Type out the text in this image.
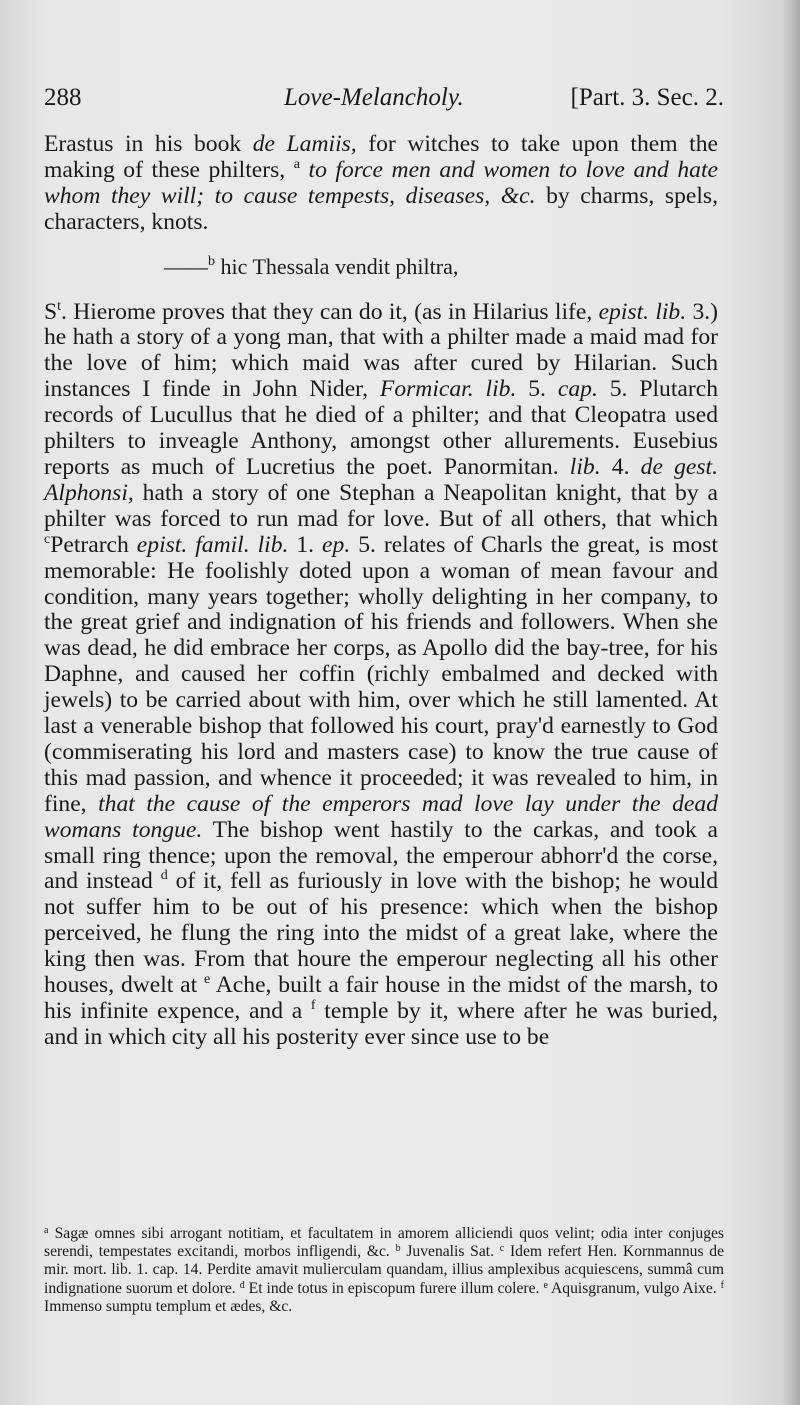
288	Love-Melancholy.	[Part. 3. Sec. 2.

Erastus in his book de Lamiis, for witches to take upon them the making of these philters, $^a$ to force men and women to love and hate whom they will; to cause tempests, diseases, &c. by charms, spels, characters, knots.

——$^b$ hic Thessala vendit philtra,

$S^t$. Hierome proves that they can do it, (as in Hilarius life, epist. lib. 3.) he hath a story of a yong man, that with a philter made a maid mad for the love of him; which maid was after cured by Hilarian. Such instances I finde in John Nider, Formicar. lib. 5. cap. 5. Plutarch records of Lucullus that he died of a philter; and that Cleopatra used philters to inveagle Anthony, amongst other allurements. Eusebius reports as much of Lucretius the poet. Panormitan. lib. 4. de gest. Alphonsi, hath a story of one Stephan a Neapolitan knight, that by a philter was forced to run mad for love. But of all others, that which $^c$Petrarch epist. famil. lib. 1. ep. 5. relates of Charls the great, is most memorable: He foolishly doted upon a woman of mean favour and condition, many years together; wholly delighting in her company, to the great grief and indignation of his friends and followers. When she was dead, he did embrace her corps, as Apollo did the bay-tree, for his Daphne, and caused her coffin (richly embalmed and decked with jewels) to be carried about with him, over which he still lamented. At last a venerable bishop that followed his court, pray'd earnestly to God (commiserating his lord and masters case) to know the true cause of this mad passion, and whence it proceeded; it was revealed to him, in fine, that the cause of the emperors mad love lay under the dead womans tongue. The bishop went hastily to the carkas, and took a small ring thence; upon the removal, the emperour abhorr'd the corse, and instead $^d$ of it, fell as furiously in love with the bishop; he would not suffer him to be out of his presence: which when the bishop perceived, he flung the ring into the midst of a great lake, where the king then was. From that houre the emperour neglecting all his other houses, dwelt at $^e$ Ache, built a fair house in the midst of the marsh, to his infinite expence, and a $^f$ temple by it, where after he was buried, and in which city all his posterity ever since use to be

$^a$ Sagæ omnes sibi arrogant notitiam, et facultatem in amorem alliciendi quos velint; odia inter conjuges serendi, tempestates excitandi, morbos infligendi, &c. $^b$ Juvenalis Sat. $^c$ Idem refert Hen. Kornmannus de mir. mort. lib. 1. cap. 14. Perdite amavit mulierculam quandam, illius amplexibus acquiescens, summâ cum indignatione suorum et dolore. $^d$ Et inde totus in episcopum furere illum colere. $^e$ Aquisgranum, vulgo Aixe. $^f$ Immenso sumptu templum et ædes, &c.
